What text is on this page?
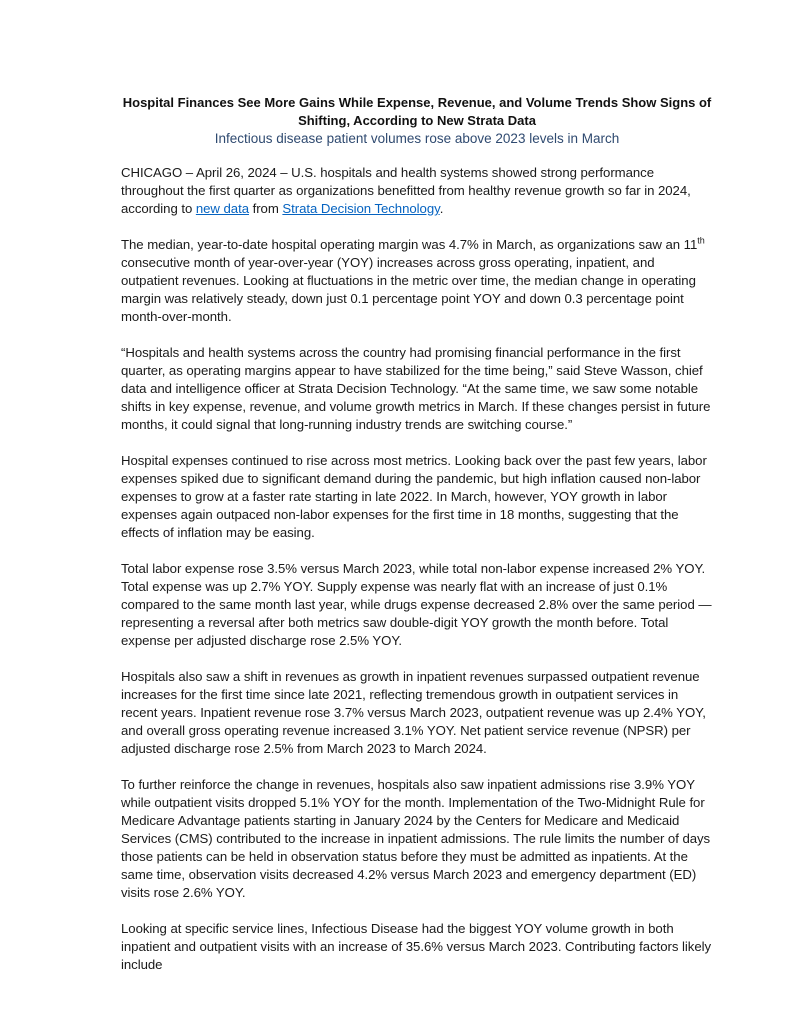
Hospital Finances See More Gains While Expense, Revenue, and Volume Trends Show Signs of
Shifting, According to New Strata Data

Infectious disease patient volumes rose above 2023 levels in March

CHICAGO – April 26, 2024 – U.S. hospitals and health systems showed strong performance throughout the first quarter as organizations benefitted from healthy revenue growth so far in 2024, according to new data from Strata Decision Technology.

The median, year-to-date hospital operating margin was 4.7% in March, as organizations saw an 11th consecutive month of year-over-year (YOY) increases across gross operating, inpatient, and outpatient revenues. Looking at fluctuations in the metric over time, the median change in operating margin was relatively steady, down just 0.1 percentage point YOY and down 0.3 percentage point month-over-month.

“Hospitals and health systems across the country had promising financial performance in the first quarter, as operating margins appear to have stabilized for the time being,” said Steve Wasson, chief data and intelligence officer at Strata Decision Technology. “At the same time, we saw some notable shifts in key expense, revenue, and volume growth metrics in March. If these changes persist in future months, it could signal that long-running industry trends are switching course.”

Hospital expenses continued to rise across most metrics. Looking back over the past few years, labor expenses spiked due to significant demand during the pandemic, but high inflation caused non-labor expenses to grow at a faster rate starting in late 2022. In March, however, YOY growth in labor expenses again outpaced non-labor expenses for the first time in 18 months, suggesting that the effects of inflation may be easing.

Total labor expense rose 3.5% versus March 2023, while total non-labor expense increased 2% YOY. Total expense was up 2.7% YOY. Supply expense was nearly flat with an increase of just 0.1% compared to the same month last year, while drugs expense decreased 2.8% over the same period — representing a reversal after both metrics saw double-digit YOY growth the month before. Total expense per adjusted discharge rose 2.5% YOY.

Hospitals also saw a shift in revenues as growth in inpatient revenues surpassed outpatient revenue increases for the first time since late 2021, reflecting tremendous growth in outpatient services in recent years. Inpatient revenue rose 3.7% versus March 2023, outpatient revenue was up 2.4% YOY, and overall gross operating revenue increased 3.1% YOY. Net patient service revenue (NPSR) per adjusted discharge rose 2.5% from March 2023 to March 2024.

To further reinforce the change in revenues, hospitals also saw inpatient admissions rise 3.9% YOY while outpatient visits dropped 5.1% YOY for the month. Implementation of the Two-Midnight Rule for Medicare Advantage patients starting in January 2024 by the Centers for Medicare and Medicaid Services (CMS) contributed to the increase in inpatient admissions. The rule limits the number of days those patients can be held in observation status before they must be admitted as inpatients. At the same time, observation visits decreased 4.2% versus March 2023 and emergency department (ED) visits rose 2.6% YOY.

Looking at specific service lines, Infectious Disease had the biggest YOY volume growth in both inpatient and outpatient visits with an increase of 35.6% versus March 2023. Contributing factors likely include
